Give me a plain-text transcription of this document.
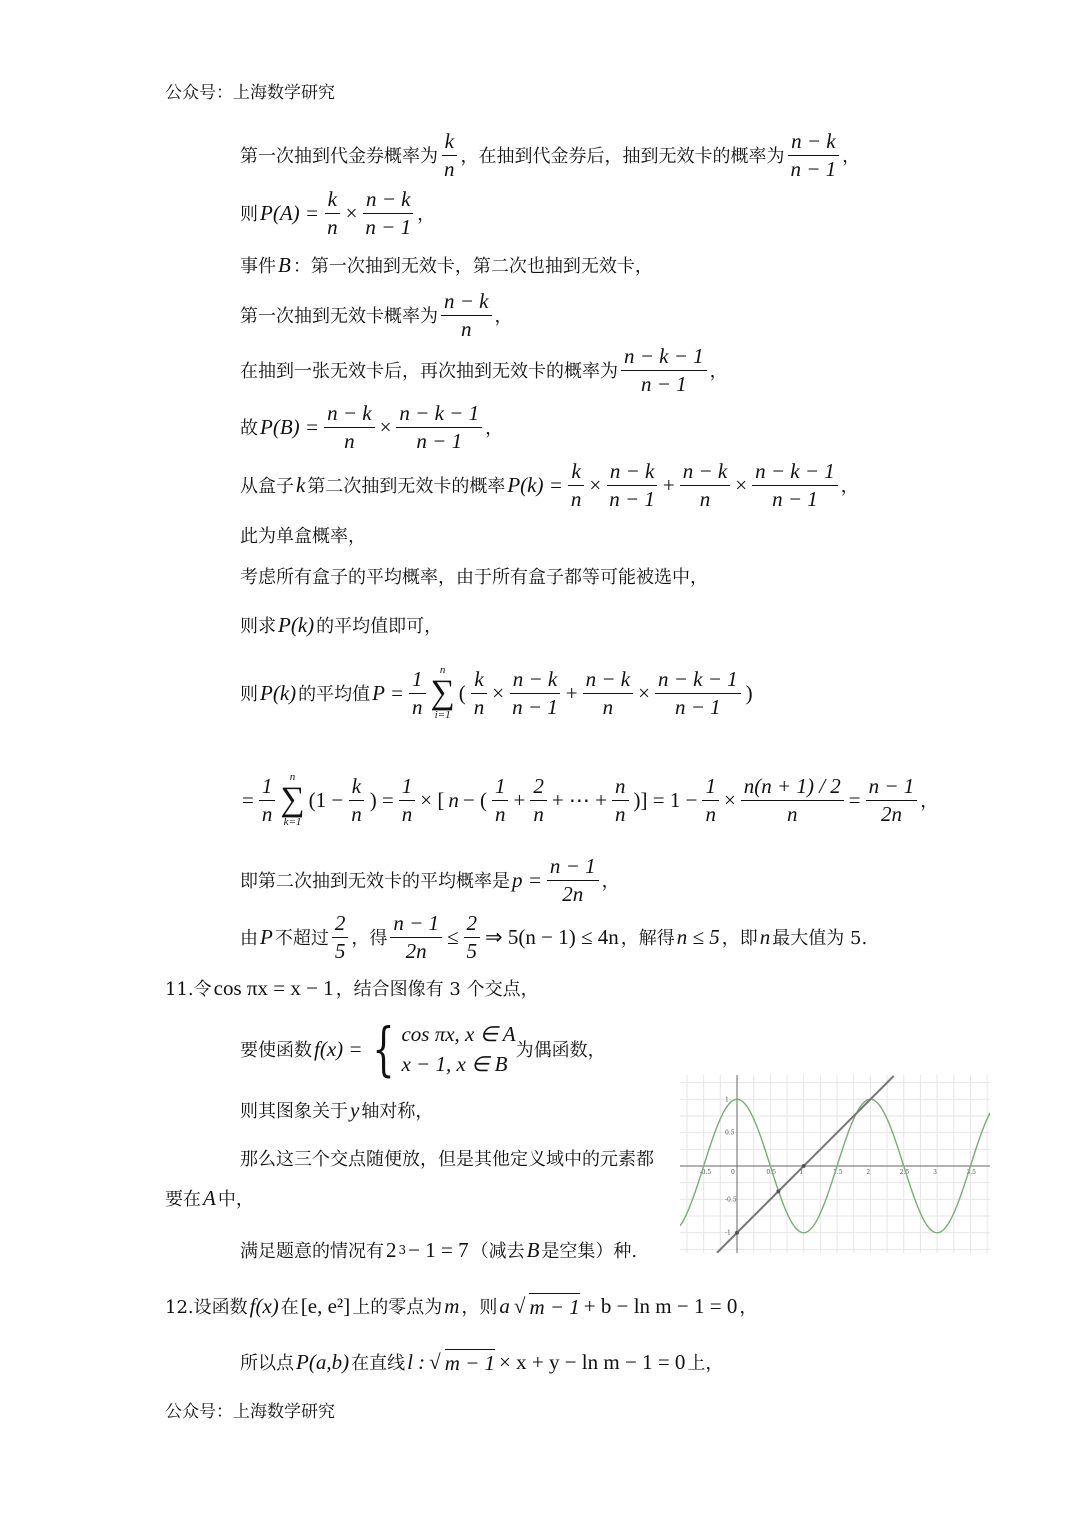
公众号：上海数学研究
第一次抽到代金券概率为 $\frac{k}{n}$ ，在抽到代金券后，抽到无效卡的概率为 $\frac{n - k}{n - 1}$ ，
则 $P(A) = \frac{k}{n} \times \frac{n - k}{n - 1}$ ，
事件 B ：第一次抽到无效卡，第二次也抽到无效卡，
第一次抽到无效卡概率为 $\frac{n - k}{n}$ ，
在抽到一张无效卡后，再次抽到无效卡的概率为 $\frac{n - k - 1}{n - 1}$ ，
故 $P(B) = \frac{n - k}{n} \times \frac{n - k - 1}{n - 1}$ ，
从盒子 k 第二次抽到无效卡的概率 $P(k) = \frac{k}{n} \times \frac{n - k}{n - 1} + \frac{n - k}{n} \times \frac{n - k - 1}{n - 1}$ ，
此为单盒概率，
考虑所有盒子的平均概率，由于所有盒子都等可能被选中，
则求 P(k) 的平均值即可，
则 P(k) 的平均值 $P = \frac{1}{n}$ n
∑
i=1
( $\frac{k}{n} \times \frac{n - k}{n - 1} + \frac{n - k}{n} \times \frac{n - k - 1}{n - 1}$ )
= $\frac{1}{n}$ n
∑
k=1
($1 - \frac{k}{n}$ ) = $\frac{1}{n}$ × [ n − ( $\frac{1}{n} + \frac{2}{n}$ + ⋯ + $\frac{n}{n}$ )] = $1 - \frac{1}{n} \times \frac{n(n + 1) / 2}{n} = \frac{n - 1}{2n}$ ，
即第二次抽到无效卡的平均概率是 $p = \frac{n - 1}{2n}$ ，
由 P 不超过 $\frac{2}{5}$ ，得 $\frac{n - 1}{2n} \le \frac{2}{5}$ ⇒ 5(n − 1) ≤ 4n ，解得 n ≤ 5 ，即 n 最大值为 5.
11.令 cos πx = x − 1 ，结合图像有 3 个交点，
要使函数 f(x) = { cos πx, x ∈ A
x − 1, x ∈ B
为偶函数，
则其图象关于 y 轴对称，
那么这三个交点随便放，但是其他定义域中的元素都
要在 A 中，
满足题意的情况有 2 3 − 1 = 7 （减去 B 是空集）种.
12.设函数 f(x) 在 [e, e²] 上的零点为 m ，则 a √ m − 1 + b − ln m − 1 = 0 ，
所以点 P(a,b) 在直线 l : √ m − 1 × x + y − ln m − 1 = 0 上，
-0.5	0	0.5	1	1.5	2	2.5	3	3.5
1
0.5
-0.5
-1
公众号：上海数学研究
